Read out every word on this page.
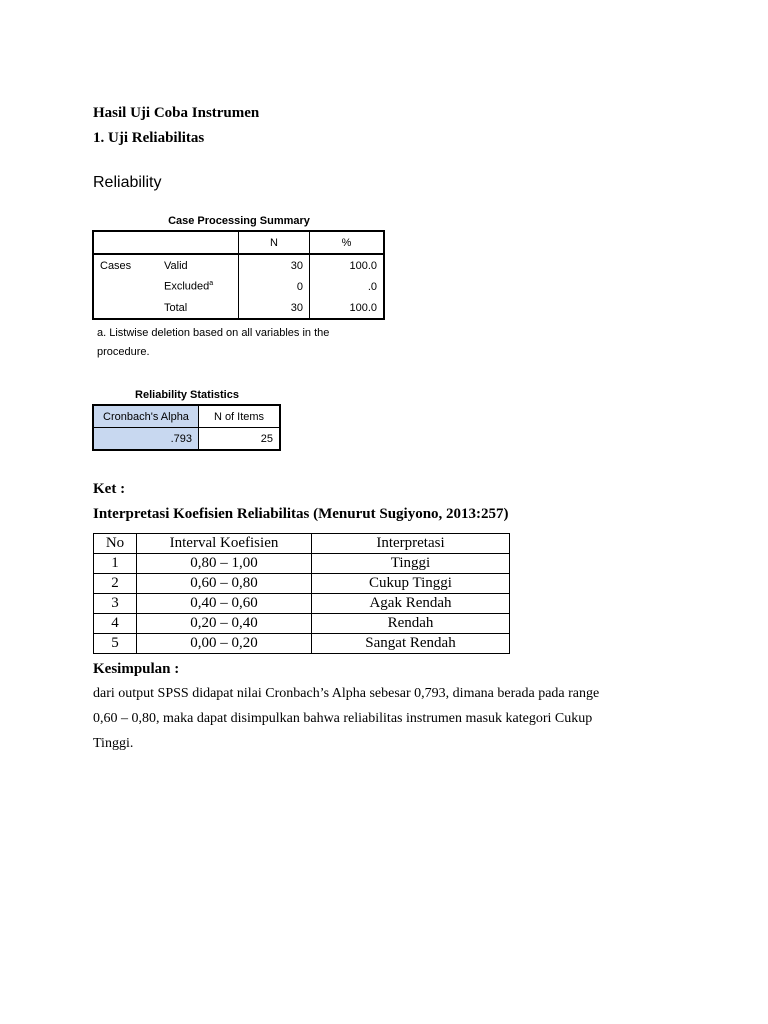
Hasil Uji Coba Instrumen
1. Uji Reliabilitas
Reliability
Case Processing Summary
		N	%
Cases	Valid	30	100.0
	Excluded$^a$	0	.0
	Total	30	100.0
a. Listwise deletion based on all variables in the
procedure.
Reliability Statistics
Cronbach's Alpha	N of Items
.793	25
Ket :
Interpretasi Koefisien Reliabilitas (Menurut Sugiyono, 2013:257)
No	Interval Koefisien	Interpretasi
1	0,80 – 1,00	Tinggi
2	0,60 – 0,80	Cukup Tinggi
3	0,40 – 0,60	Agak Rendah
4	0,20 – 0,40	Rendah
5	0,00 – 0,20	Sangat Rendah
Kesimpulan :
dari output SPSS didapat nilai Cronbach’s Alpha sebesar 0,793, dimana berada pada range
0,60 – 0,80, maka dapat disimpulkan bahwa reliabilitas instrumen masuk kategori Cukup
Tinggi.
